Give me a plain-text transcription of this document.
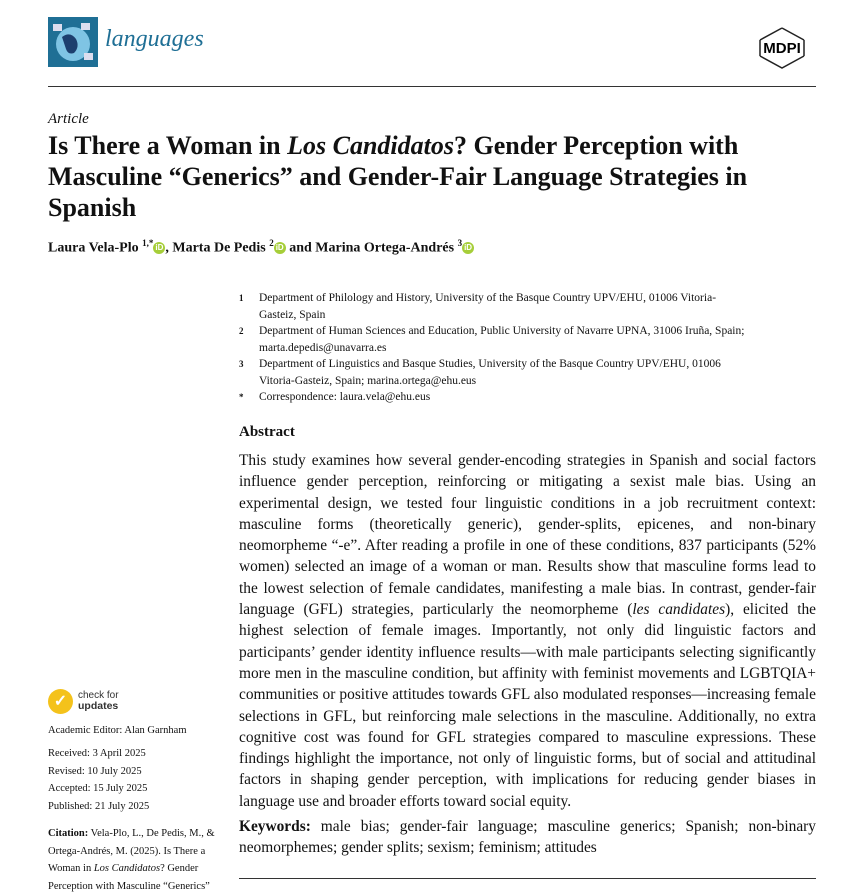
languages	MDPI
Article
Is There a Woman in Los Candidatos? Gender Perception with Masculine “Generics” and Gender-Fair Language Strategies in Spanish
Laura Vela-Plo $^{1,*}$ iD , Marta De Pedis $^2$ iD and Marina Ortega-Andrés $^3$ iD
1	Department of Philology and History, University of the Basque Country UPV/EHU, 01006 Vitoria-Gasteiz, Spain
2	Department of Human Sciences and Education, Public University of Navarre UPNA, 31006 Iruña, Spain; marta.depedis@unavarra.es
3	Department of Linguistics and Basque Studies, University of the Basque Country UPV/EHU, 01006 Vitoria-Gasteiz, Spain; marina.ortega@ehu.eus
*	Correspondence: laura.vela@ehu.eus
Abstract
This study examines how several gender-encoding strategies in Spanish and social factors influence gender perception, reinforcing or mitigating a sexist male bias. Using an experimental design, we tested four linguistic conditions in a job recruitment context: masculine forms (theoretically generic), gender-splits, epicenes, and non-binary neomorpheme “-e”. After reading a profile in one of these conditions, 837 participants (52% women) selected an image of a woman or man. Results show that masculine forms lead to the lowest selection of female candidates, manifesting a male bias. In contrast, gender-fair language (GFL) strategies, particularly the neomorpheme (les candidates), elicited the highest selection of female images. Importantly, not only did linguistic factors and participants’ gender identity influence results—with male participants selecting significantly more men in the masculine condition, but affinity with feminist movements and LGBTQIA+ communities or positive attitudes towards GFL also modulated responses—increasing female selections in GFL, but reinforcing male selections in the masculine. Additionally, no extra cognitive cost was found for GFL strategies compared to masculine expressions. These findings highlight the importance, not only of linguistic forms, but of social and attitudinal factors in shaping gender perception, with implications for reducing gender biases in language use and broader efforts toward social equity.
Keywords: male bias; gender-fair language; masculine generics; Spanish; non-binary neomorphemes; gender splits; sexism; feminism; attitudes
✓	check for
updates
Academic Editor: Alan Garnham
Received: 3 April 2025
Revised: 10 July 2025
Accepted: 15 July 2025
Published: 21 July 2025
Citation: Vela-Plo, L., De Pedis, M., & Ortega-Andrés, M. (2025). Is There a Woman in Los Candidatos? Gender Perception with Masculine “Generics”
